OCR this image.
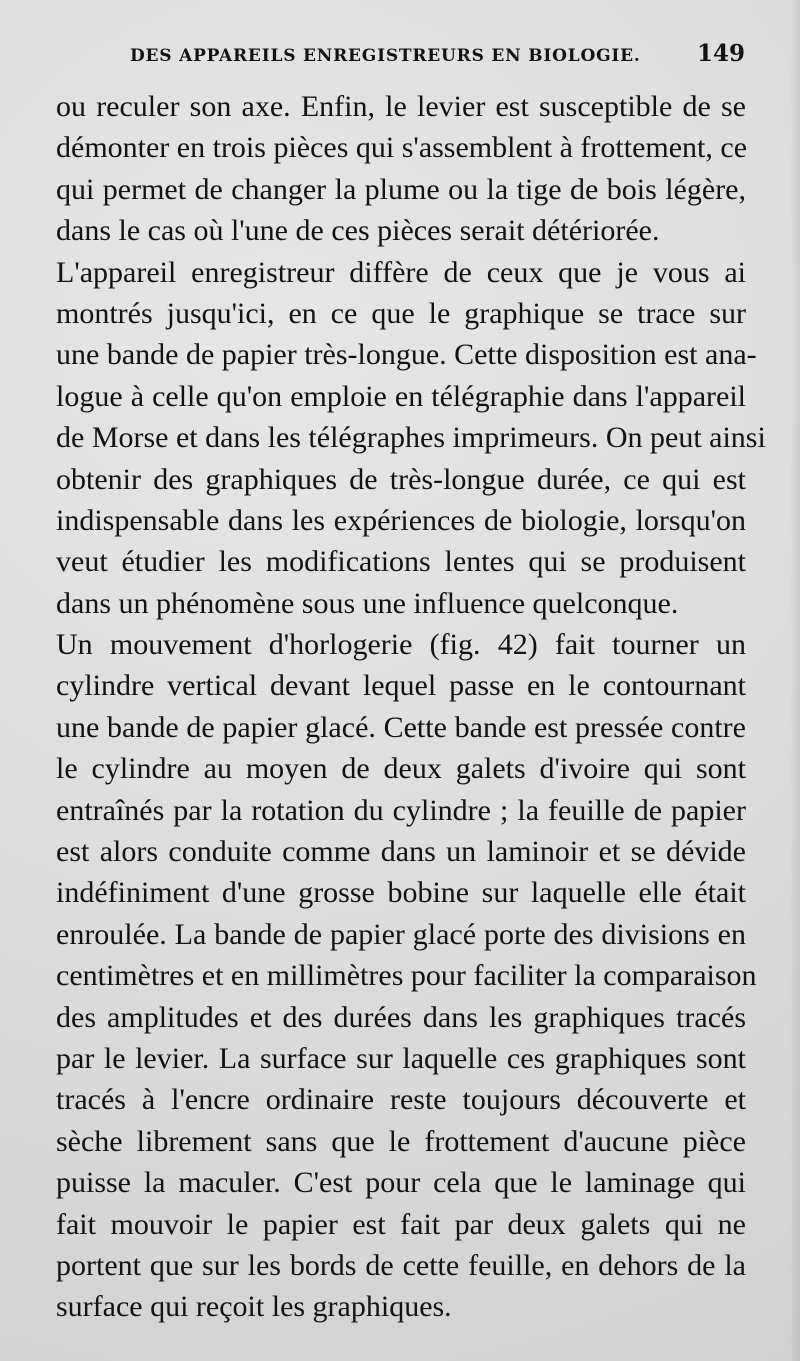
DES APPAREILS ENREGISTREURS EN BIOLOGIE. 149
ou reculer son axe. Enfin, le levier est susceptible de se
démonter en trois pièces qui s'assemblent à frottement, ce
qui permet de changer la plume ou la tige de bois légère,
dans le cas où l'une de ces pièces serait détériorée.
L'appareil enregistreur diffère de ceux que je vous ai
montrés jusqu'ici, en ce que le graphique se trace sur
une bande de papier très-longue. Cette disposition est ana-
logue à celle qu'on emploie en télégraphie dans l'appareil
de Morse et dans les télégraphes imprimeurs. On peut ainsi
obtenir des graphiques de très-longue durée, ce qui est
indispensable dans les expériences de biologie, lorsqu'on
veut étudier les modifications lentes qui se produisent
dans un phénomène sous une influence quelconque.
Un mouvement d'horlogerie (fig. 42) fait tourner un
cylindre vertical devant lequel passe en le contournant
une bande de papier glacé. Cette bande est pressée contre
le cylindre au moyen de deux galets d'ivoire qui sont
entraînés par la rotation du cylindre ; la feuille de papier
est alors conduite comme dans un laminoir et se dévide
indéfiniment d'une grosse bobine sur laquelle elle était
enroulée. La bande de papier glacé porte des divisions en
centimètres et en millimètres pour faciliter la comparaison
des amplitudes et des durées dans les graphiques tracés
par le levier. La surface sur laquelle ces graphiques sont
tracés à l'encre ordinaire reste toujours découverte et
sèche librement sans que le frottement d'aucune pièce
puisse la maculer. C'est pour cela que le laminage qui
fait mouvoir le papier est fait par deux galets qui ne
portent que sur les bords de cette feuille, en dehors de la
surface qui reçoit les graphiques.
